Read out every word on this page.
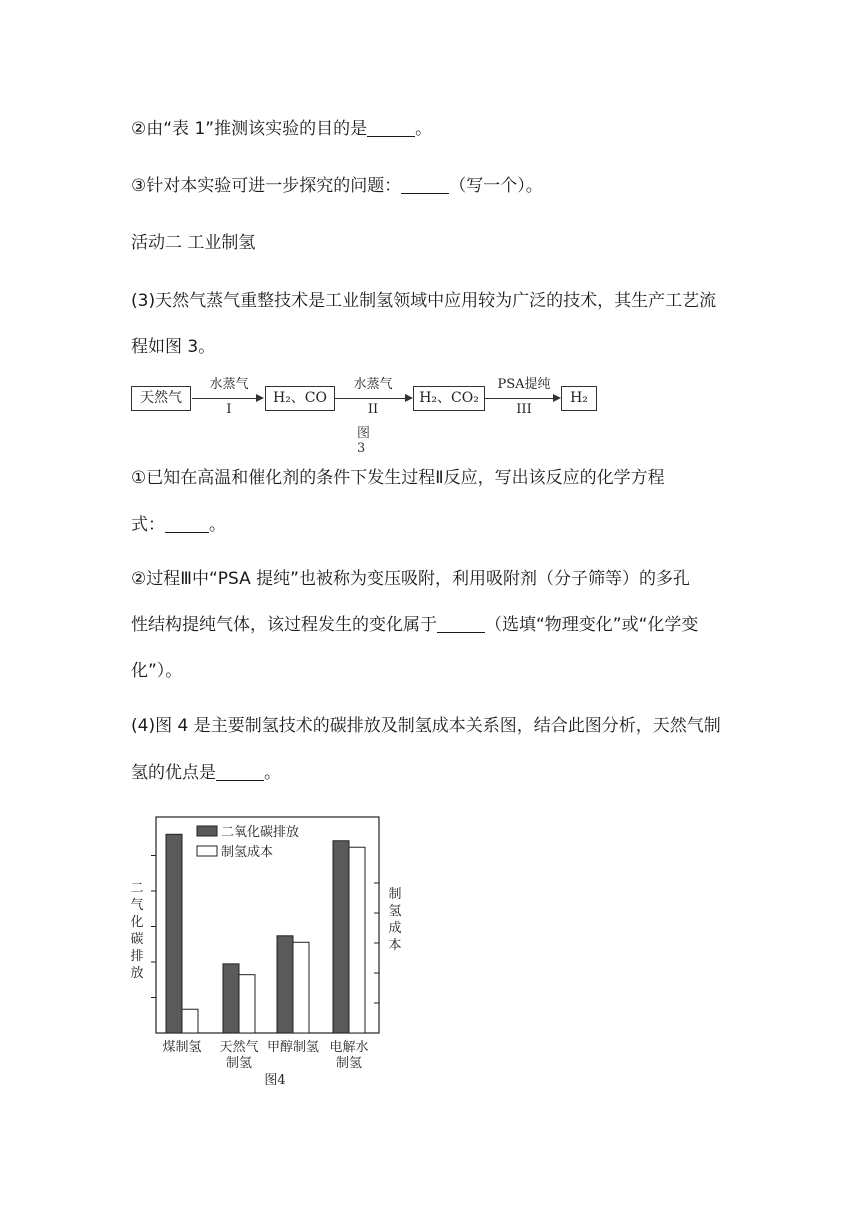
②由“表 1”推测该实验的目的是	。

③针对本实验可进一步探究的问题：	（写一个）。

活动二 工业制氢

(3)天然气蒸气重整技术是工业制氢领域中应用较为广泛的技术，其生产工艺流

程如图 3。

天然气
水蒸气
I
H₂、CO
水蒸气
II
H₂、CO₂
PSA提纯
III
H₂
图3

①已知在高温和催化剂的条件下发生过程Ⅱ反应，写出该反应的化学方程

式：	。

②过程Ⅲ中“PSA 提纯”也被称为变压吸附，利用吸附剂（分子筛等）的多孔

性结构提纯气体，该过程发生的变化属于	（选填“物理变化”或“化学变

化”）。

(4)图 4 是主要制氢技术的碳排放及制氢成本关系图，结合此图分析，天然气制

氢的优点是	。

煤制氢 天然气
制氢
甲醇制氢 电解水
制氢
二氧化碳排放
制氢成本
二
气
化
碳
排
放
制
氢
成
本
图4
